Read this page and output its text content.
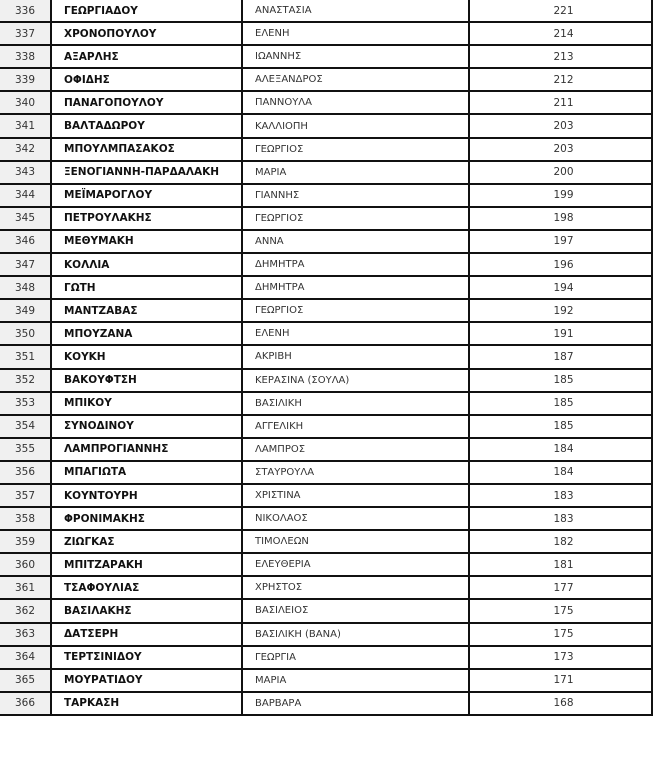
336	ΓΕΩΡΓΙΑΔΟΥ	ΑΝΑΣΤΑΣΙΑ	221
337	ΧΡΟΝΟΠΟΥΛΟΥ	ΕΛΕΝΗ	214
338	ΑΞΑΡΛΗΣ	ΙΩΑΝΝΗΣ	213
339	ΟΦΙΔΗΣ	ΑΛΕΞΑΝΔΡΟΣ	212
340	ΠΑΝΑΓΟΠΟΥΛΟΥ	ΠΑΝΝΟΥΛΑ	211
341	ΒΑΛΤΑΔΩΡΟΥ	ΚΑΛΛΙΟΠΗ	203
342	ΜΠΟΥΛΜΠΑΣΑΚΟΣ	ΓΕΩΡΓΙΟΣ	203
343	ΞΕΝΟΓΙΑΝΝΗ-ΠΑΡΔΑΛΑΚΗ	ΜΑΡΙΑ	200
344	ΜΕΪΜΑΡΟΓΛΟΥ	ΓΙΑΝΝΗΣ	199
345	ΠΕΤΡΟΥΛΑΚΗΣ	ΓΕΩΡΓΙΟΣ	198
346	ΜΕΘΥΜΑΚΗ	ΑΝΝΑ	197
347	ΚΟΛΛΙΑ	ΔΗΜΗΤΡΑ	196
348	ΓΩΤΗ	ΔΗΜΗΤΡΑ	194
349	ΜΑΝΤΖΑΒΑΣ	ΓΕΩΡΓΙΟΣ	192
350	ΜΠΟΥΖΑΝΑ	ΕΛΕΝΗ	191
351	ΚΟΥΚΗ	ΑΚΡΙΒΗ	187
352	ΒΑΚΟΥΦΤΣΗ	ΚΕΡΑΣΙΝΑ (ΣΟΥΛΑ)	185
353	ΜΠΙΚΟΥ	ΒΑΣΙΛΙΚΗ	185
354	ΣΥΝΟΔΙΝΟΥ	ΑΓΓΕΛΙΚΗ	185
355	ΛΑΜΠΡΟΓΙΑΝΝΗΣ	ΛΑΜΠΡΟΣ	184
356	ΜΠΑΓΙΩΤΑ	ΣΤΑΥΡΟΥΛΑ	184
357	ΚΟΥΝΤΟΥΡΗ	ΧΡΙΣΤΙΝΑ	183
358	ΦΡΟΝΙΜΑΚΗΣ	ΝΙΚΟΛΑΟΣ	183
359	ΖΙΩΓΚΑΣ	ΤΙΜΟΛΕΩΝ	182
360	ΜΠΙΤΖΑΡΑΚΗ	ΕΛΕΥΘΕΡΙΑ	181
361	ΤΣΑΦΟΥΛΙΑΣ	ΧΡΗΣΤΟΣ	177
362	ΒΑΣΙΛΑΚΗΣ	ΒΑΣΙΛΕΙΟΣ	175
363	ΔΑΤΣΕΡΗ	ΒΑΣΙΛΙΚΗ (ΒΑΝΑ)	175
364	ΤΕΡΤΣΙΝΙΔΟΥ	ΓΕΩΡΓΙΑ	173
365	ΜΟΥΡΑΤΙΔΟΥ	ΜΑΡΙΑ	171
366	ΤΑΡΚΑΣΗ	ΒΑΡΒΑΡΑ	168
